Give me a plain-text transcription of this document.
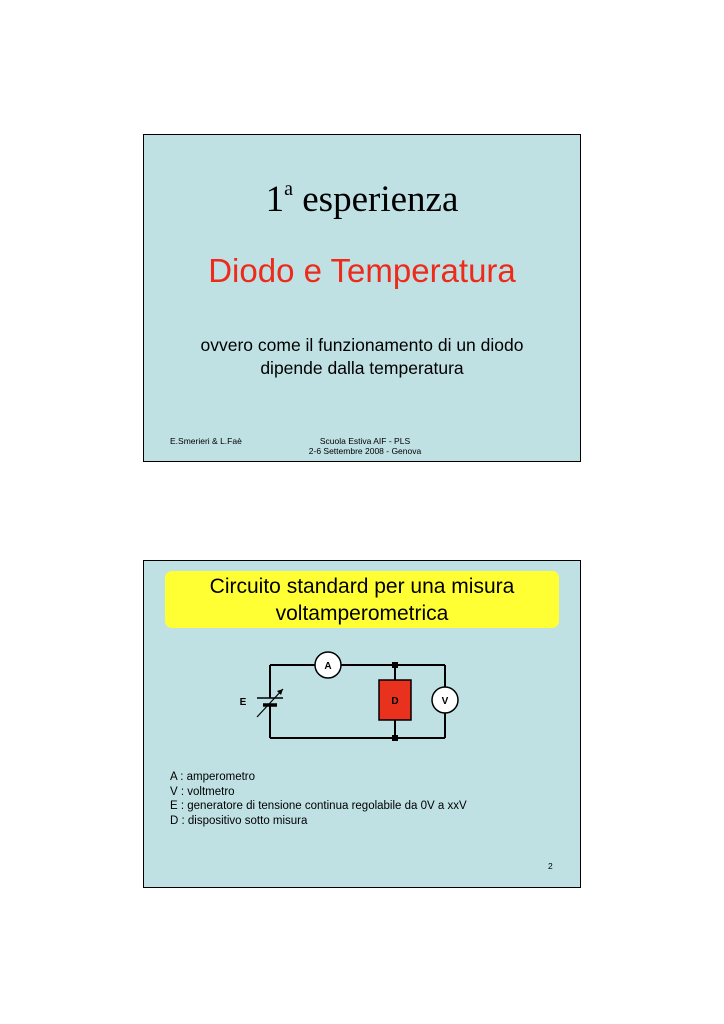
1$^a$ esperienza
Diodo e Temperatura
ovvero come il funzionamento di un diodo
dipende dalla temperatura
E.Smerieri & L.Faè	Scuola Estiva AIF - PLS
2-6 Settembre 2008 - Genova
Circuito standard per una misura
voltamperometrica
A
V
D
E
A : amperometro
V : voltmetro
E : generatore di tensione continua regolabile da 0V a xxV
D : dispositivo sotto misura
2
